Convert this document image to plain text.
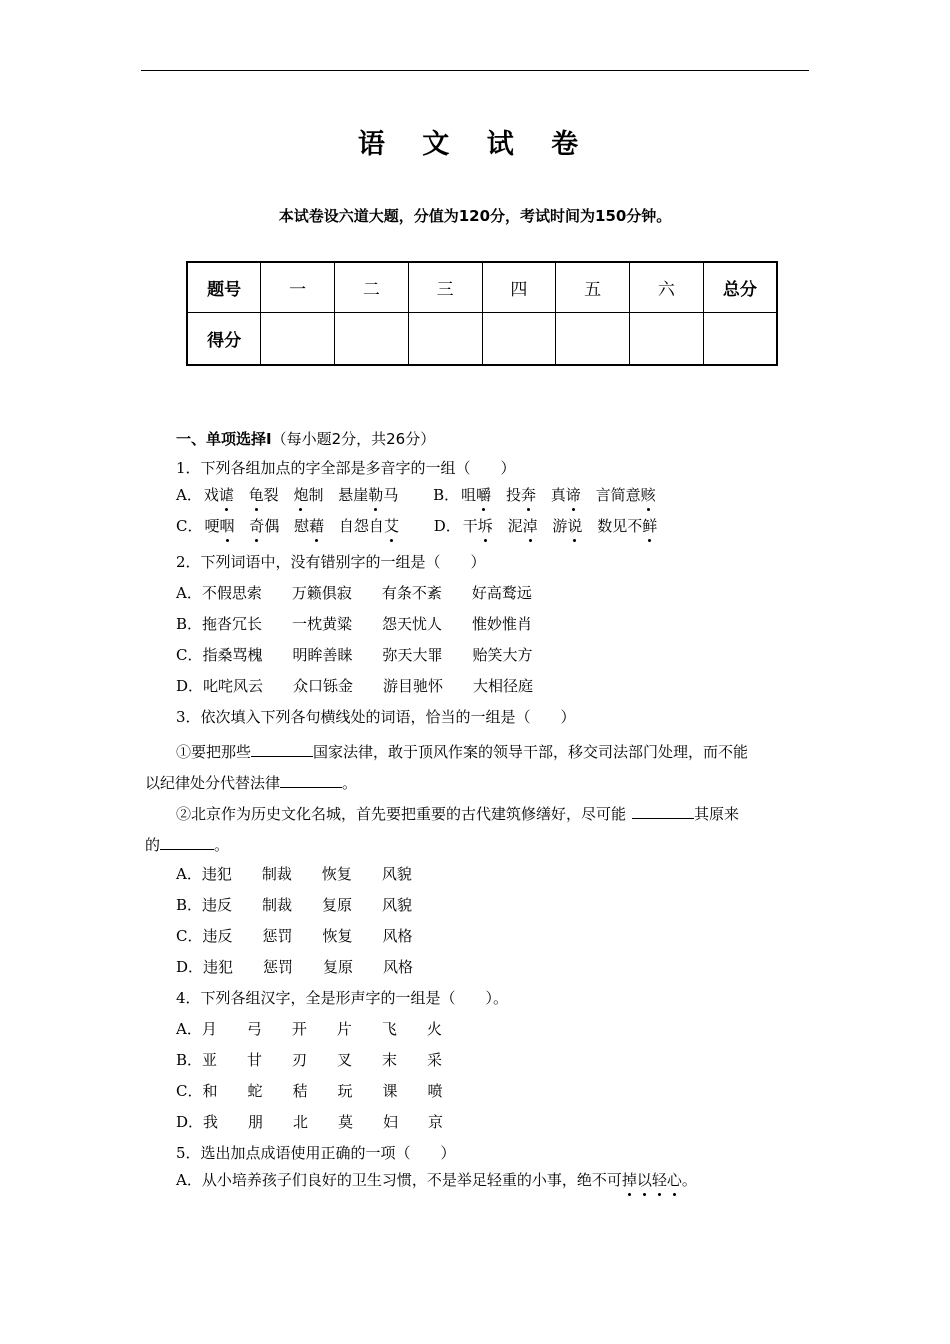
语 文 试 卷
本试卷设六道大题，分值为120分，考试时间为150分钟。
题号	一	二	三	四	五	六	总分
得分							
一、单项选择Ⅰ（每小题2分，共26分）
1．下列各组加点的字全部是多音字的一组（　　）
A． 戏谑 龟裂 炮制 悬崖勒马 B． 咀嚼 投奔 真谛 言简意赅
C． 哽咽 奇偶 慰藉 自怨自艾 D． 干坼 泥淖 游说 数见不鲜
2．下列词语中，没有错别字的一组是（　　）
A．不假思索　　万籁俱寂　　有条不紊　　好高鹜远
B．拖沓冗长　　一枕黄粱　　怨天忧人　　惟妙惟肖
C．指桑骂槐　　明眸善睐　　弥天大罪　　贻笑大方
D．叱咤风云　　众口铄金　　游目驰怀　　大相径庭
3．依次填入下列各句横线处的词语，恰当的一组是（　　）
①要把那些	国家法律，敢于顶风作案的领导干部，移交司法部门处理，而不能
以纪律处分代替法律	。
②北京作为历史文化名城，首先要把重要的古代建筑修缮好，尽可能	其原来
的	。
A．违犯　　制裁　　恢复　　风貌
B．违反　　制裁　　复原　　风貌
C．违反　　惩罚　　恢复　　风格
D．违犯　　惩罚　　复原　　风格
4．下列各组汉字，全是形声字的一组是（　　）。
A．月　　弓　　开　　片　　飞　　火
B．亚　　甘　　刃　　叉　　末　　采
C．和　　蛇　　秸　　玩　　课　　喷
D．我　　朋　　北　　莫　　妇　　京
5．选出加点成语使用正确的一项（　　）
A．从小培养孩子们良好的卫生习惯，不是举足轻重的小事，绝不可掉以轻心。
